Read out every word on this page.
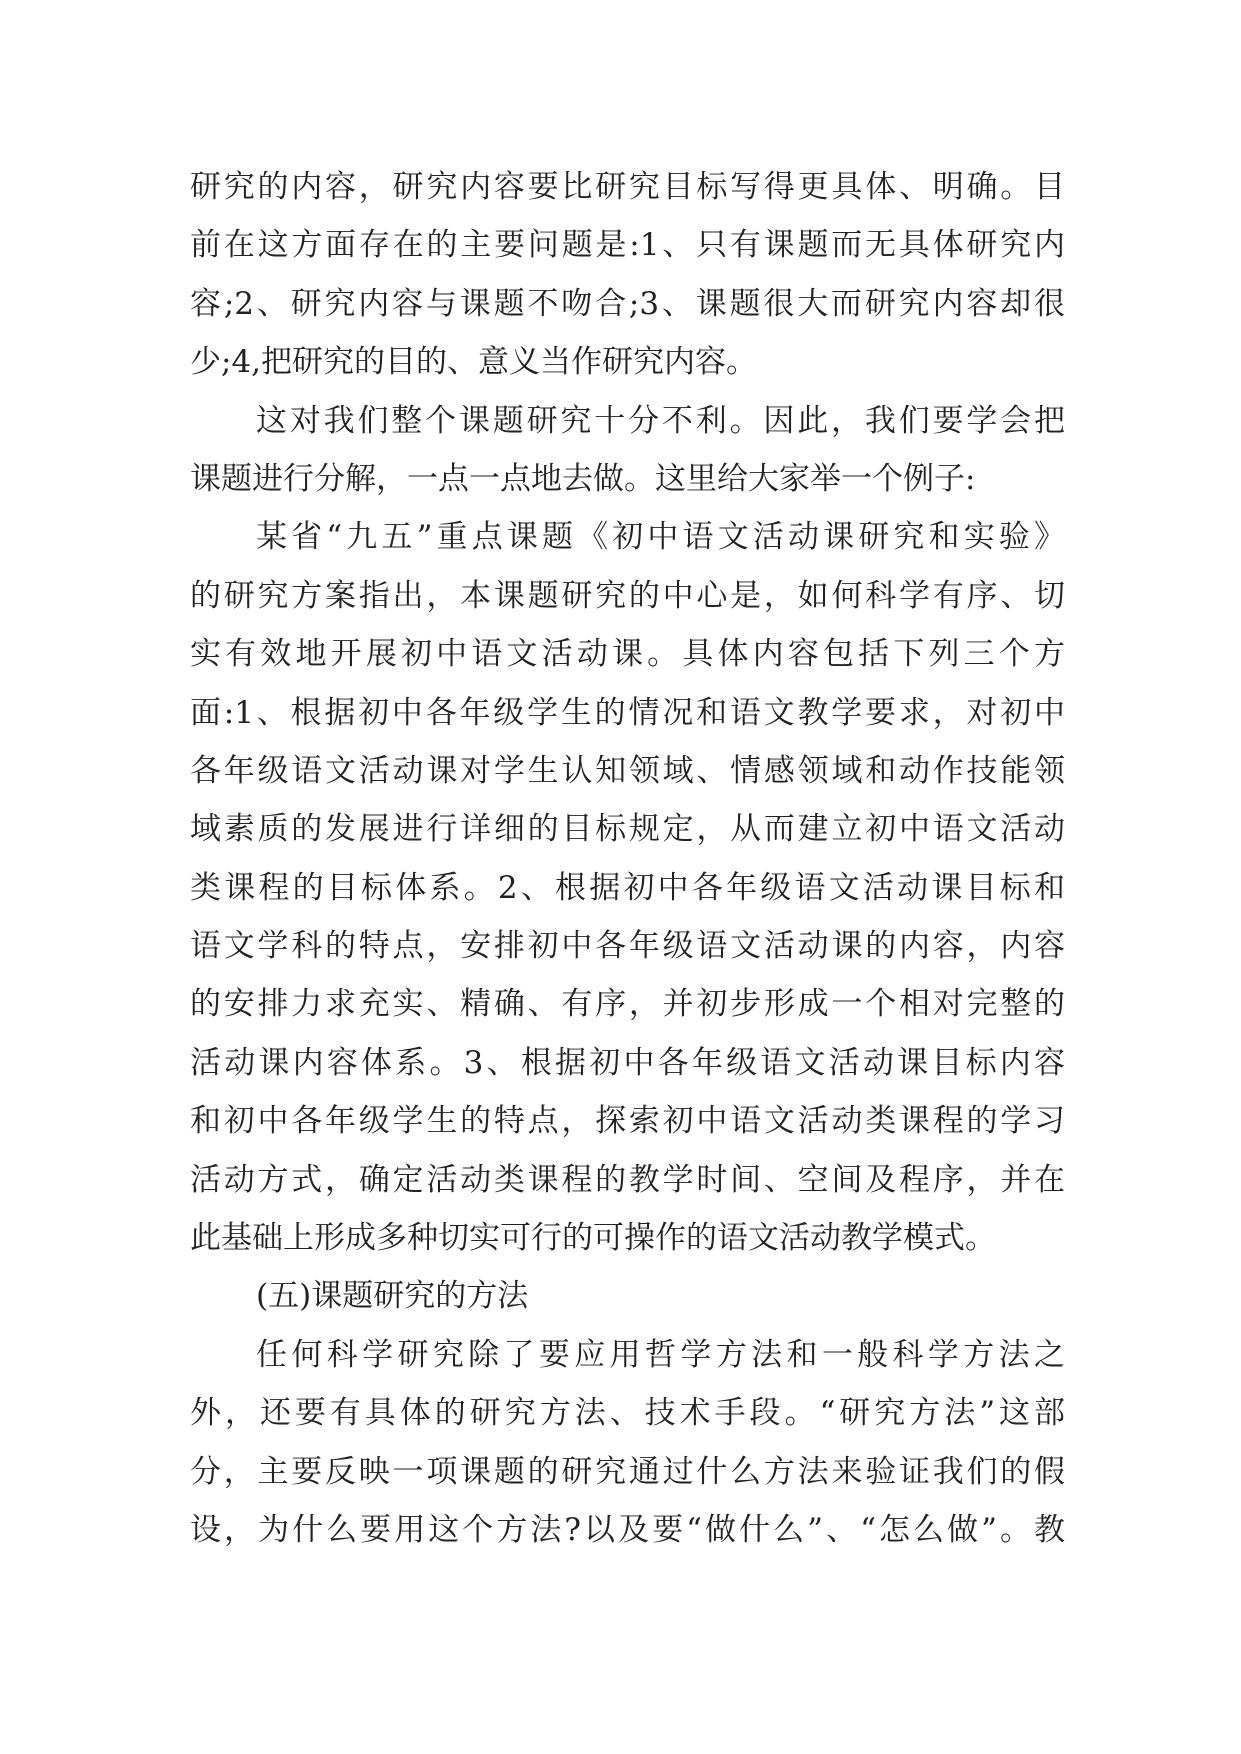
研究的内容，研究内容要比研究目标写得更具体、明确。目
前在这方面存在的主要问题是:1、只有课题而无具体研究内
容;2、研究内容与课题不吻合;3、课题很大而研究内容却很
少;4,把研究的目的、意义当作研究内容。
这对我们整个课题研究十分不利。因此，我们要学会把
课题进行分解，一点一点地去做。这里给大家举一个例子:
某省“九五”重点课题《初中语文活动课研究和实验》
的研究方案指出，本课题研究的中心是，如何科学有序、切
实有效地开展初中语文活动课。具体内容包括下列三个方
面:1、根据初中各年级学生的情况和语文教学要求，对初中
各年级语文活动课对学生认知领域、情感领域和动作技能领
域素质的发展进行详细的目标规定，从而建立初中语文活动
类课程的目标体系。2、根据初中各年级语文活动课目标和
语文学科的特点，安排初中各年级语文活动课的内容，内容
的安排力求充实、精确、有序，并初步形成一个相对完整的
活动课内容体系。3、根据初中各年级语文活动课目标内容
和初中各年级学生的特点，探索初中语文活动类课程的学习
活动方式，确定活动类课程的教学时间、空间及程序，并在
此基础上形成多种切实可行的可操作的语文活动教学模式。
(五)课题研究的方法
任何科学研究除了要应用哲学方法和一般科学方法之
外，还要有具体的研究方法、技术手段。“研究方法”这部
分，主要反映一项课题的研究通过什么方法来验证我们的假
设，为什么要用这个方法?以及要“做什么”、“怎么做”。教
